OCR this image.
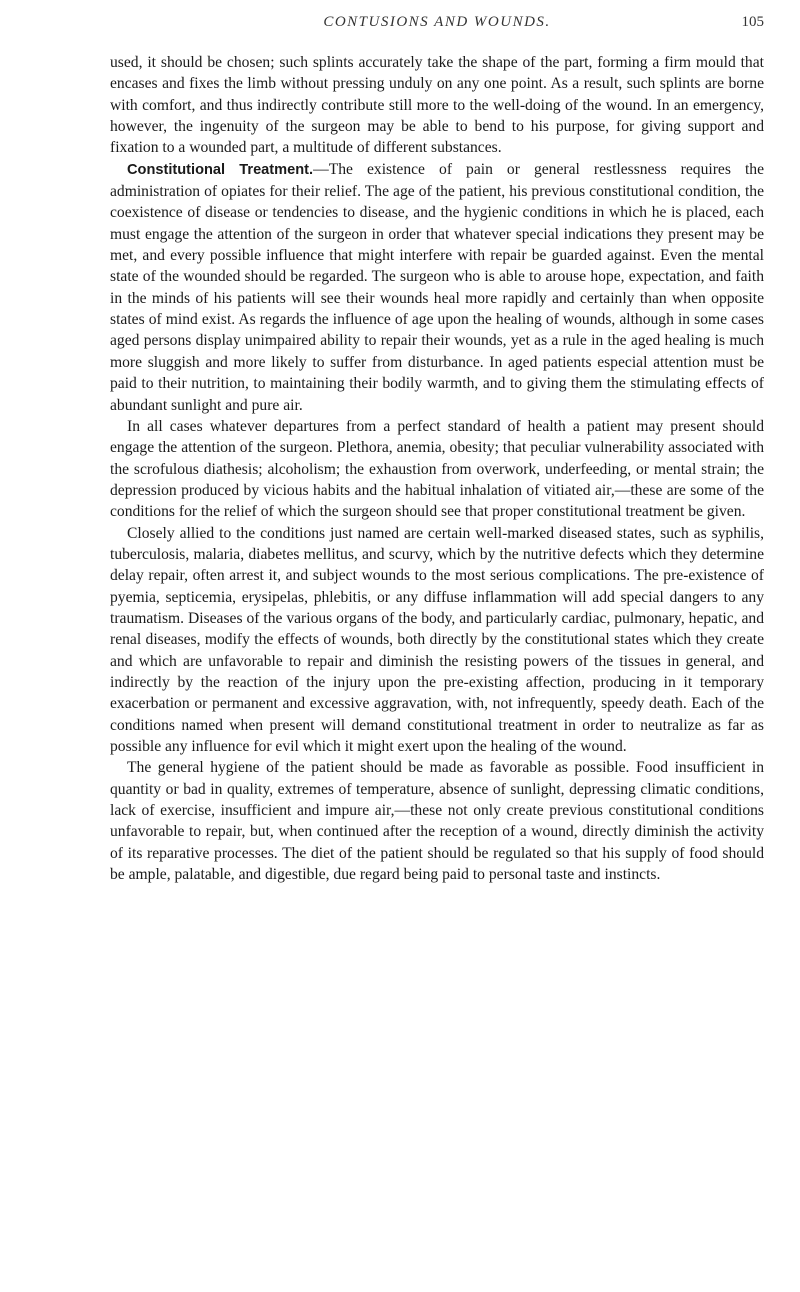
CONTUSIONS AND WOUNDS.	105

used, it should be chosen; such splints accurately take the shape of the part, forming a firm mould that encases and fixes the limb without pressing unduly on any one point. As a result, such splints are borne with comfort, and thus indirectly contribute still more to the well-doing of the wound. In an emergency, however, the ingenuity of the surgeon may be able to bend to his purpose, for giving support and fixation to a wounded part, a multitude of different substances.

Constitutional Treatment.—The existence of pain or general restlessness requires the administration of opiates for their relief. The age of the patient, his previous constitutional condition, the coexistence of disease or tendencies to disease, and the hygienic conditions in which he is placed, each must engage the attention of the surgeon in order that whatever special indications they present may be met, and every possible influence that might interfere with repair be guarded against. Even the mental state of the wounded should be regarded. The surgeon who is able to arouse hope, expectation, and faith in the minds of his patients will see their wounds heal more rapidly and certainly than when opposite states of mind exist. As regards the influence of age upon the healing of wounds, although in some cases aged persons display unimpaired ability to repair their wounds, yet as a rule in the aged healing is much more sluggish and more likely to suffer from disturbance. In aged patients especial attention must be paid to their nutrition, to maintaining their bodily warmth, and to giving them the stimulating effects of abundant sunlight and pure air.

In all cases whatever departures from a perfect standard of health a patient may present should engage the attention of the surgeon. Plethora, anemia, obesity; that peculiar vulnerability associated with the scrofulous diathesis; alcoholism; the exhaustion from overwork, underfeeding, or mental strain; the depression produced by vicious habits and the habitual inhalation of vitiated air,—these are some of the conditions for the relief of which the surgeon should see that proper constitutional treatment be given.

Closely allied to the conditions just named are certain well-marked diseased states, such as syphilis, tuberculosis, malaria, diabetes mellitus, and scurvy, which by the nutritive defects which they determine delay repair, often arrest it, and subject wounds to the most serious complications. The pre-existence of pyemia, septicemia, erysipelas, phlebitis, or any diffuse inflammation will add special dangers to any traumatism. Diseases of the various organs of the body, and particularly cardiac, pulmonary, hepatic, and renal diseases, modify the effects of wounds, both directly by the constitutional states which they create and which are unfavorable to repair and diminish the resisting powers of the tissues in general, and indirectly by the reaction of the injury upon the pre-existing affection, producing in it temporary exacerbation or permanent and excessive aggravation, with, not infrequently, speedy death. Each of the conditions named when present will demand constitutional treatment in order to neutralize as far as possible any influence for evil which it might exert upon the healing of the wound.

The general hygiene of the patient should be made as favorable as possible. Food insufficient in quantity or bad in quality, extremes of temperature, absence of sunlight, depressing climatic conditions, lack of exercise, insufficient and impure air,—these not only create previous constitutional conditions unfavorable to repair, but, when continued after the reception of a wound, directly diminish the activity of its reparative processes. The diet of the patient should be regulated so that his supply of food should be ample, palatable, and digestible, due regard being paid to personal taste and instincts.
